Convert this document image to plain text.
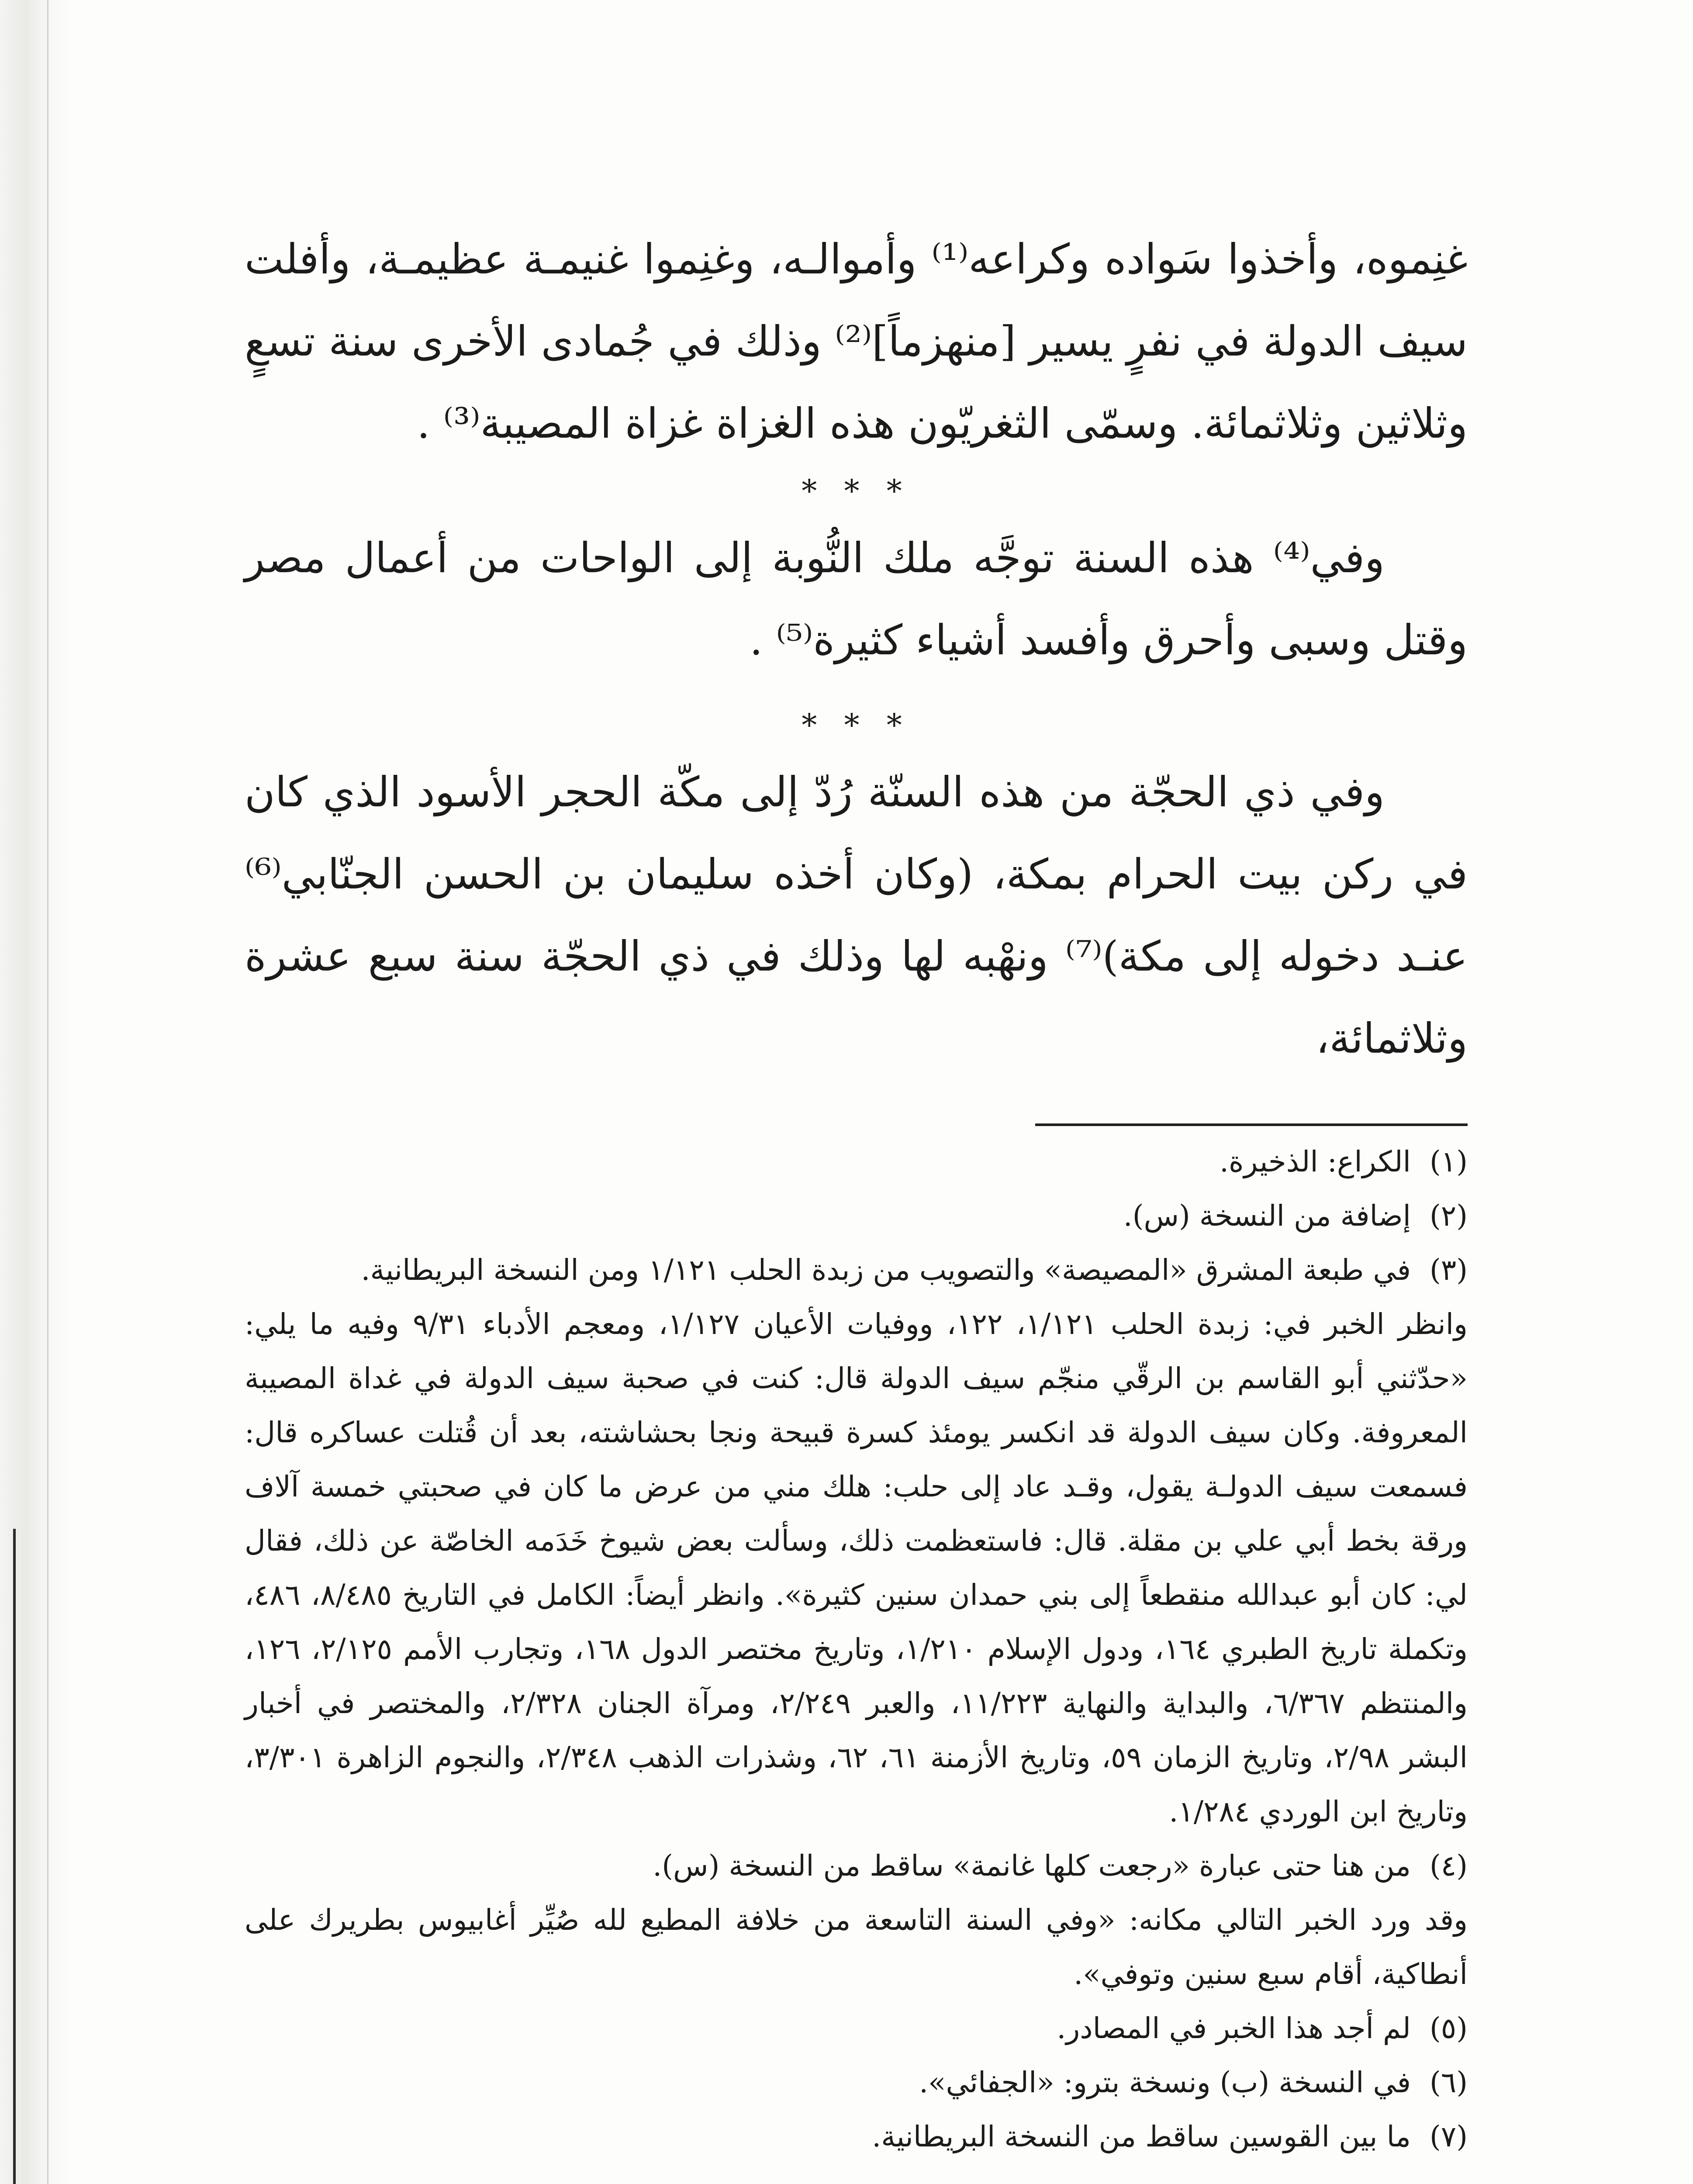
غنِموه، وأخذوا سَواده وكراعه⁽¹⁾ وأموالـه، وغنِموا غنيمـة عظيمـة، وأفلت سيف الدولة في نفرٍ يسير [منهزماً]⁽²⁾ وذلك في جُمادى الأخرى سنة تسعٍ وثلاثين وثلاثمائة. وسمّى الثغريّون هذه الغزاة غزاة المصيبة⁽³⁾ .

* * *

وفي⁽⁴⁾ هذه السنة توجَّه ملك النُّوبة إلى الواحات من أعمال مصر وقتل وسبى وأحرق وأفسد أشياء كثيرة⁽⁵⁾ .

* * *

وفي ذي الحجّة من هذه السنّة رُدّ إلى مكّة الحجر الأسود الذي كان في ركن بيت الحرام بمكة، (وكان أخذه سليمان بن الحسن الجنّابي⁽⁶⁾ عنـد دخوله إلى مكة)⁽⁷⁾ ونهْبه لها وذلك في ذي الحجّة سنة سبع عشرة وثلاثمائة،

(١)
الكراع: الذخيرة.
(٢)
إضافة من النسخة (س).
(٣)
في طبعة المشرق «المصيصة» والتصويب من زبدة الحلب ١/١٢١ ومن النسخة البريطانية.

وانظر الخبر في: زبدة الحلب ١/١٢١، ١٢٢، ووفيات الأعيان ١/١٢٧، ومعجم الأدباء ٩/٣١ وفيه ما يلي: «حدّثني أبو القاسم بن الرقّي منجّم سيف الدولة قال: كنت في صحبة سيف الدولة في غداة المصيبة المعروفة. وكان سيف الدولة قد انكسر يومئذ كسرة قبيحة ونجا بحشاشته، بعد أن قُتلت عساكره قال: فسمعت سيف الدولـة يقول، وقـد عاد إلى حلب: هلك مني من عرض ما كان في صحبتي خمسة آلاف ورقة بخط أبي علي بن مقلة. قال: فاستعظمت ذلك، وسألت بعض شيوخ خَدَمه الخاصّة عن ذلك، فقال لي: كان أبو عبدالله منقطعاً إلى بني حمدان سنين كثيرة». وانظر أيضاً: الكامل في التاريخ ٨/٤٨٥، ٤٨٦، وتكملة تاريخ الطبري ١٦٤، ودول الإسلام ١/٢١٠، وتاريخ مختصر الدول ١٦٨، وتجارب الأمم ٢/١٢٥، ١٢٦، والمنتظم ٦/٣٦٧، والبداية والنهاية ١١/٢٢٣، والعبر ٢/٢٤٩، ومرآة الجنان ٢/٣٢٨، والمختصر في أخبار البشر ٢/٩٨، وتاريخ الزمان ٥٩، وتاريخ الأزمنة ٦١، ٦٢، وشذرات الذهب ٢/٣٤٨، والنجوم الزاهرة ٣/٣٠١، وتاريخ ابن الوردي ١/٢٨٤.

(٤)
من هنا حتى عبارة «رجعت كلها غانمة» ساقط من النسخة (س).

وقد ورد الخبر التالي مكانه: «وفي السنة التاسعة من خلافة المطيع لله صُيِّر أغابيوس بطريرك على أنطاكية، أقام سبع سنين وتوفي».

(٥)
لم أجد هذا الخبر في المصادر.
(٦)
في النسخة (ب) ونسخة بترو: «الجفائي».
(٧)
ما بين القوسين ساقط من النسخة البريطانية.
